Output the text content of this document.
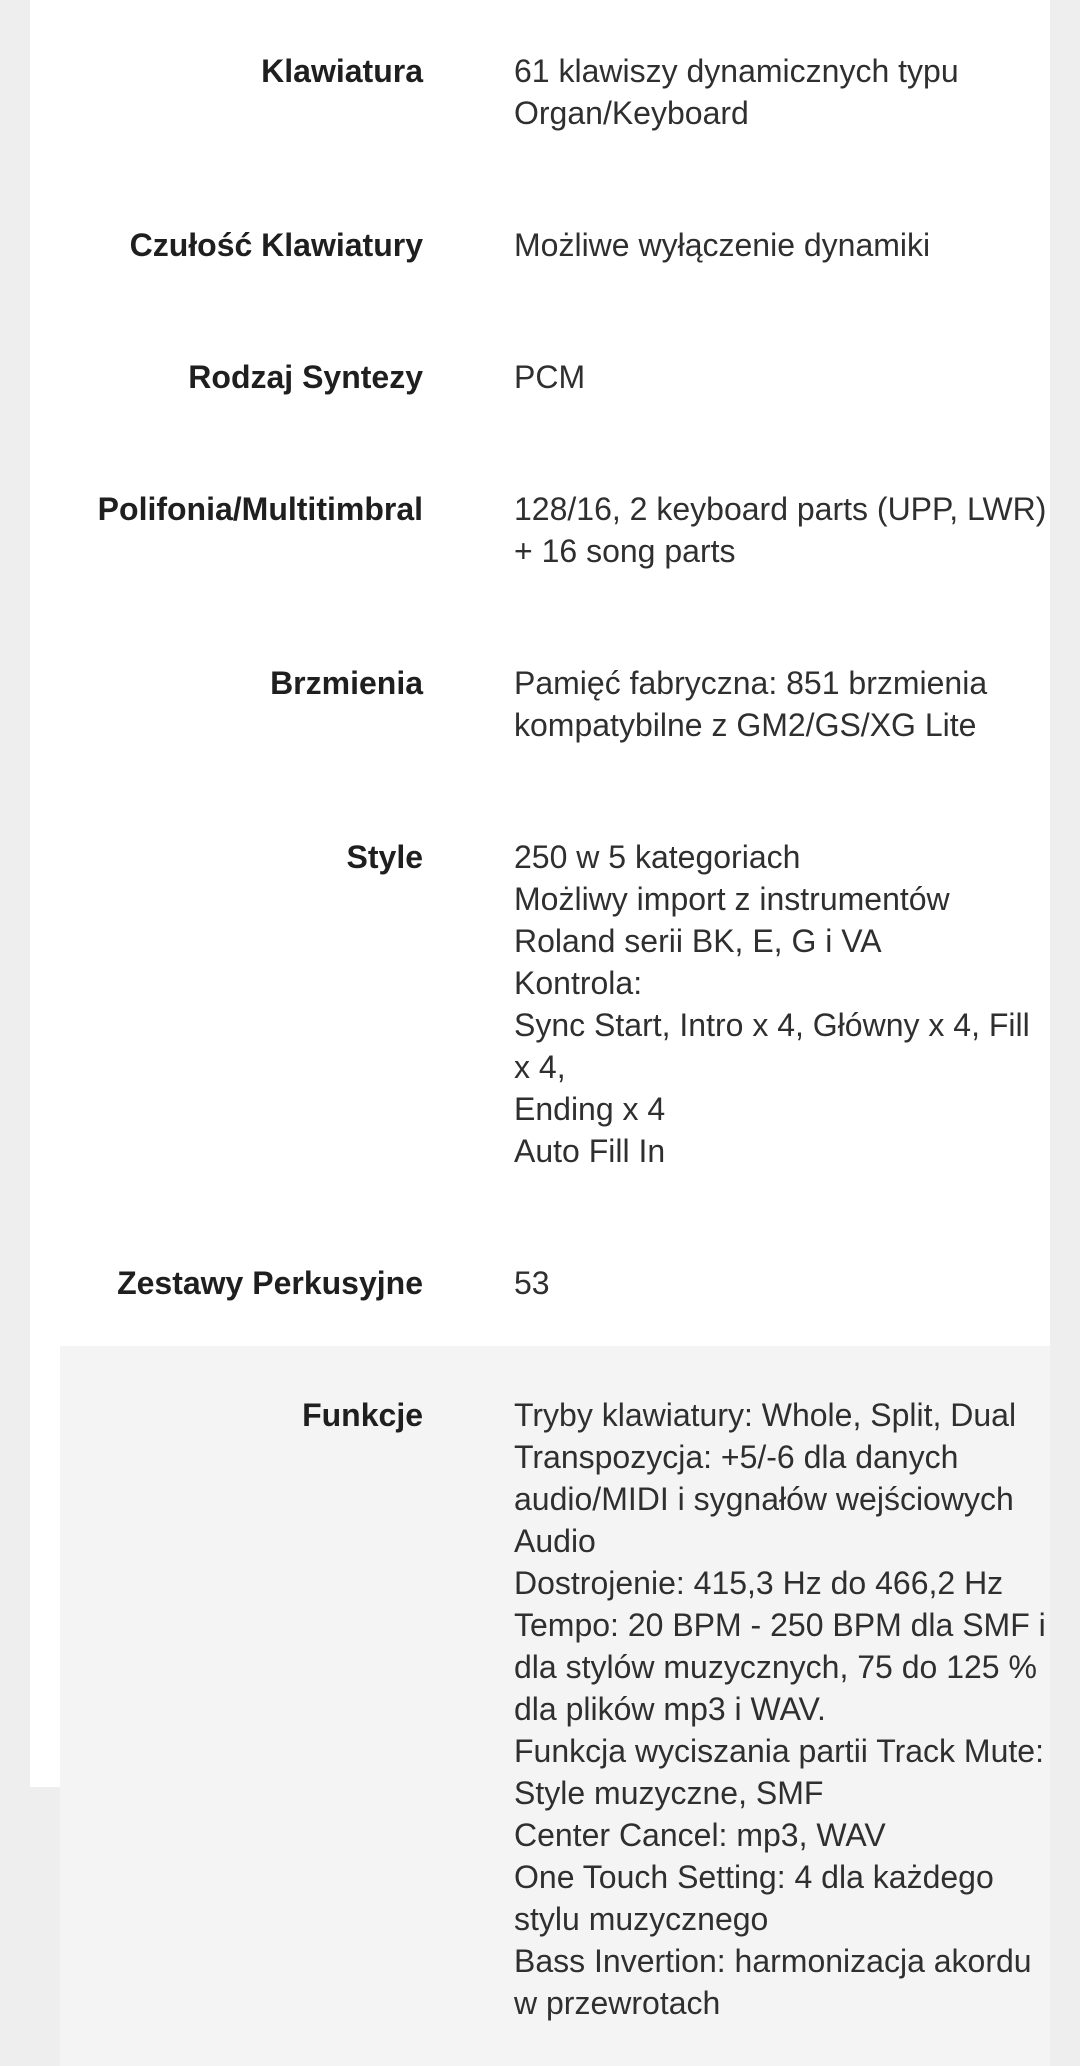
Klawiatura	61 klawiszy dynamicznych typu Organ/Keyboard
Czułość Klawiatury	Możliwe wyłączenie dynamiki
Rodzaj Syntezy	PCM
Polifonia/Multitimbral	128/16, 2 keyboard parts (UPP, LWR) + 16 song parts
Brzmienia	Pamięć fabryczna: 851 brzmienia kompatybilne z GM2/GS/XG Lite
Style	250 w 5 kategoriach
Możliwy import z instrumentów Roland serii BK, E, G i VA
Kontrola:
Sync Start, Intro x 4, Główny x 4, Fill x 4,
Ending x 4
Auto Fill In
Zestawy Perkusyjne	53
Funkcje	Tryby klawiatury: Whole, Split, Dual
Transpozycja: +5/-6 dla danych audio/MIDI i sygnałów wejściowych Audio
Dostrojenie: 415,3 Hz do 466,2 Hz
Tempo: 20 BPM - 250 BPM dla SMF i dla stylów muzycznych, 75 do 125 % dla plików mp3 i WAV.
Funkcja wyciszania partii Track Mute: Style muzyczne, SMF
Center Cancel: mp3, WAV
One Touch Setting: 4 dla każdego stylu muzycznego
Bass Invertion: harmonizacja akordu w przewrotach
